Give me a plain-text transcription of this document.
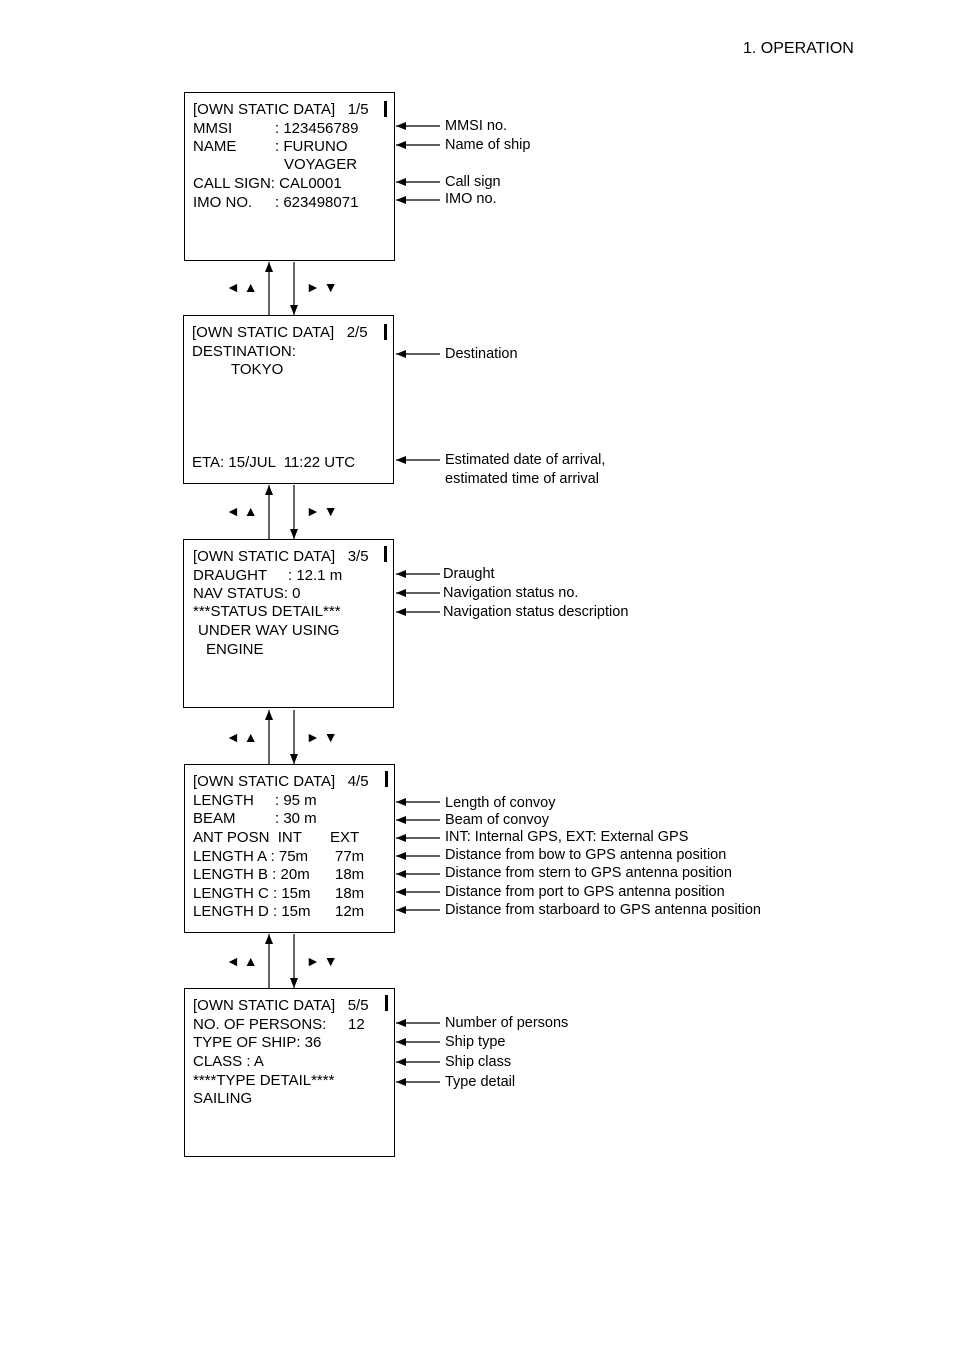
1. OPERATION
[OWN STATIC DATA]   1/5
MMSI	: 123456789
NAME	: FURUNO
VOYAGER
CALL SIGN: CAL0001
IMO NO. : 623498071
MMSI no.
Name of ship
Call sign
IMO no.
◄ ▲	► ▼
[OWN STATIC DATA]   2/5
DESTINATION:
TOKYO
ETA: 15/JUL  11:22 UTC
Destination
Estimated date of arrival,
estimated time of arrival
◄ ▲	► ▼
[OWN STATIC DATA]   3/5
DRAUGHT : 12.1 m
NAV STATUS: 0
***STATUS DETAIL***
UNDER WAY USING
ENGINE
Draught
Navigation status no.
Navigation status description
◄ ▲	► ▼
[OWN STATIC DATA]   4/5
LENGTH : 95 m
BEAM	: 30 m
ANT POSN  INT EXT
LENGTH A : 75m 77m
LENGTH B : 20m 18m
LENGTH C : 15m 18m
LENGTH D : 15m 12m
Length of convoy
Beam of convoy
INT: Internal GPS, EXT: External GPS
Distance from bow to GPS antenna position
Distance from stern to GPS antenna position
Distance from port to GPS antenna position
Distance from starboard to GPS antenna position
◄ ▲	► ▼
[OWN STATIC DATA]   5/5
NO. OF PERSONS: 12
TYPE OF SHIP: 36
CLASS : A
****TYPE DETAIL****
SAILING
Number of persons
Ship type
Ship class
Type detail
